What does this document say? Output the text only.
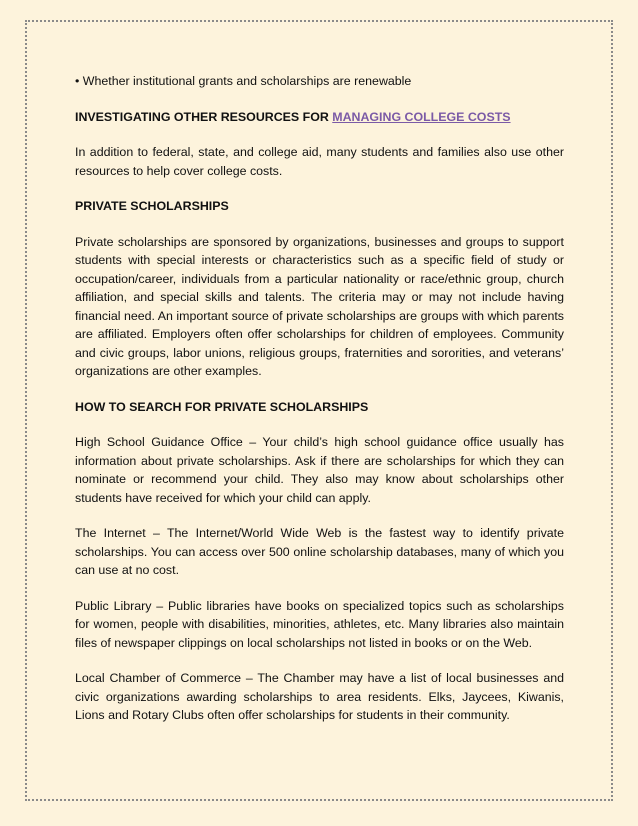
• Whether institutional grants and scholarships are renewable

INVESTIGATING OTHER RESOURCES FOR MANAGING COLLEGE COSTS

In addition to federal, state, and college aid, many students and families also use other resources to help cover college costs.

PRIVATE SCHOLARSHIPS

Private scholarships are sponsored by organizations, businesses and groups to support students with special interests or characteristics such as a specific field of study or occupation/career, individuals from a particular nationality or race/ethnic group, church affiliation, and special skills and talents. The criteria may or may not include having financial need. An important source of private scholarships are groups with which parents are affiliated. Employers often offer scholarships for children of employees. Community and civic groups, labor unions, religious groups, fraternities and sororities, and veterans’ organizations are other examples.

HOW TO SEARCH FOR PRIVATE SCHOLARSHIPS

High School Guidance Office – Your child’s high school guidance office usually has information about private scholarships. Ask if there are scholarships for which they can nominate or recommend your child. They also may know about scholarships other students have received for which your child can apply.

The Internet – The Internet/World Wide Web is the fastest way to identify private scholarships. You can access over 500 online scholarship databases, many of which you can use at no cost.

Public Library – Public libraries have books on specialized topics such as scholarships for women, people with disabilities, minorities, athletes, etc. Many libraries also maintain files of newspaper clippings on local scholarships not listed in books or on the Web.

Local Chamber of Commerce – The Chamber may have a list of local businesses and civic organizations awarding scholarships to area residents. Elks, Jaycees, Kiwanis, Lions and Rotary Clubs often offer scholarships for students in their community.
